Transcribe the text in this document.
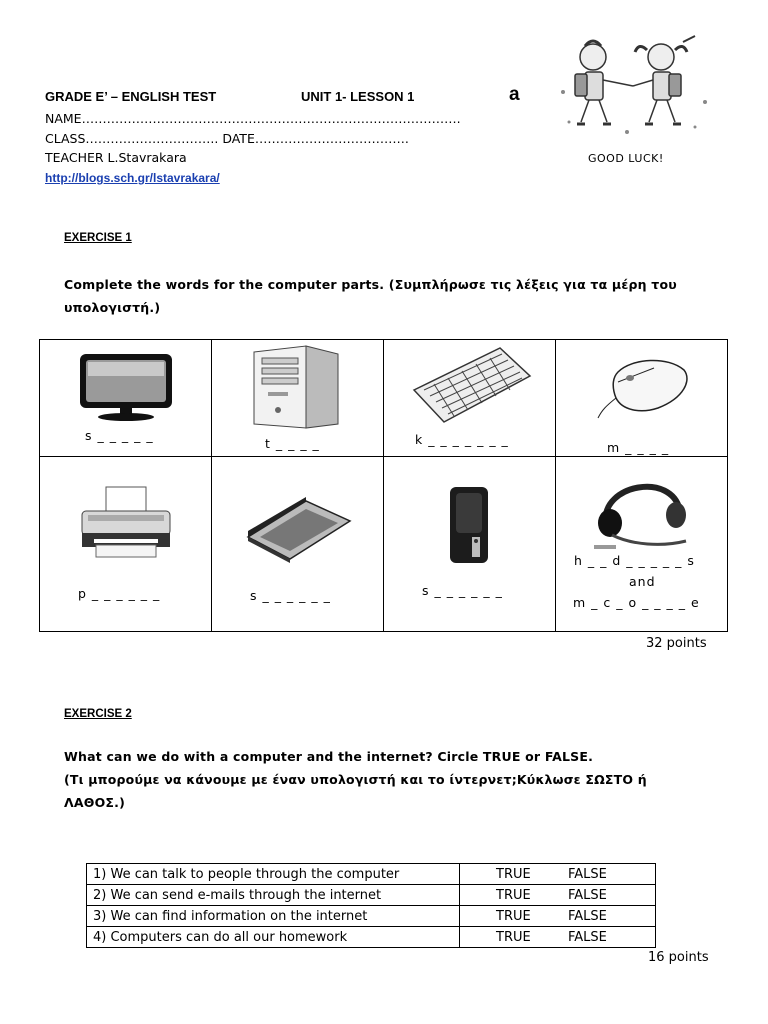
GRADE E’ – ENGLISH TEST	UNIT 1- LESSON 1	a
NAME……………………………………………………………………………….
CLASS………………………….. DATE……………………………….
TEACHER L.Stavrakara
http://blogs.sch.gr/lstavrakara/
GOOD LUCK!
EXERCISE 1
Complete the words for the computer parts. (Συμπλήρωσε τις λέξεις για τα μέρη του
υπολογιστή.)
s _ _ _ _ _	t _ _ _ _	k _ _ _ _ _ _ _	m _ _ _ _

p _ _ _ _ _ _	s _ _ _ _ _ _	s _ _ _ _ _ _	h _ _ d _ _ _ _ _ s
and
m _ c _ o _ _ _ _ e
32 points
EXERCISE 2
What can we do with a computer and the internet? Circle TRUE or FALSE.
(Τι μπορούμε να κάνουμε με έναν υπολογιστή και το ίντερνετ;Κύκλωσε ΣΩΣΤΟ ή
ΛΑΘΟΣ.)
1) We can talk to people through the computer	TRUE FALSE
2) We can send e-mails through the internet	TRUE FALSE
3) We can find information on the internet	TRUE FALSE
4) Computers can do all our homework	TRUE FALSE
16 points
